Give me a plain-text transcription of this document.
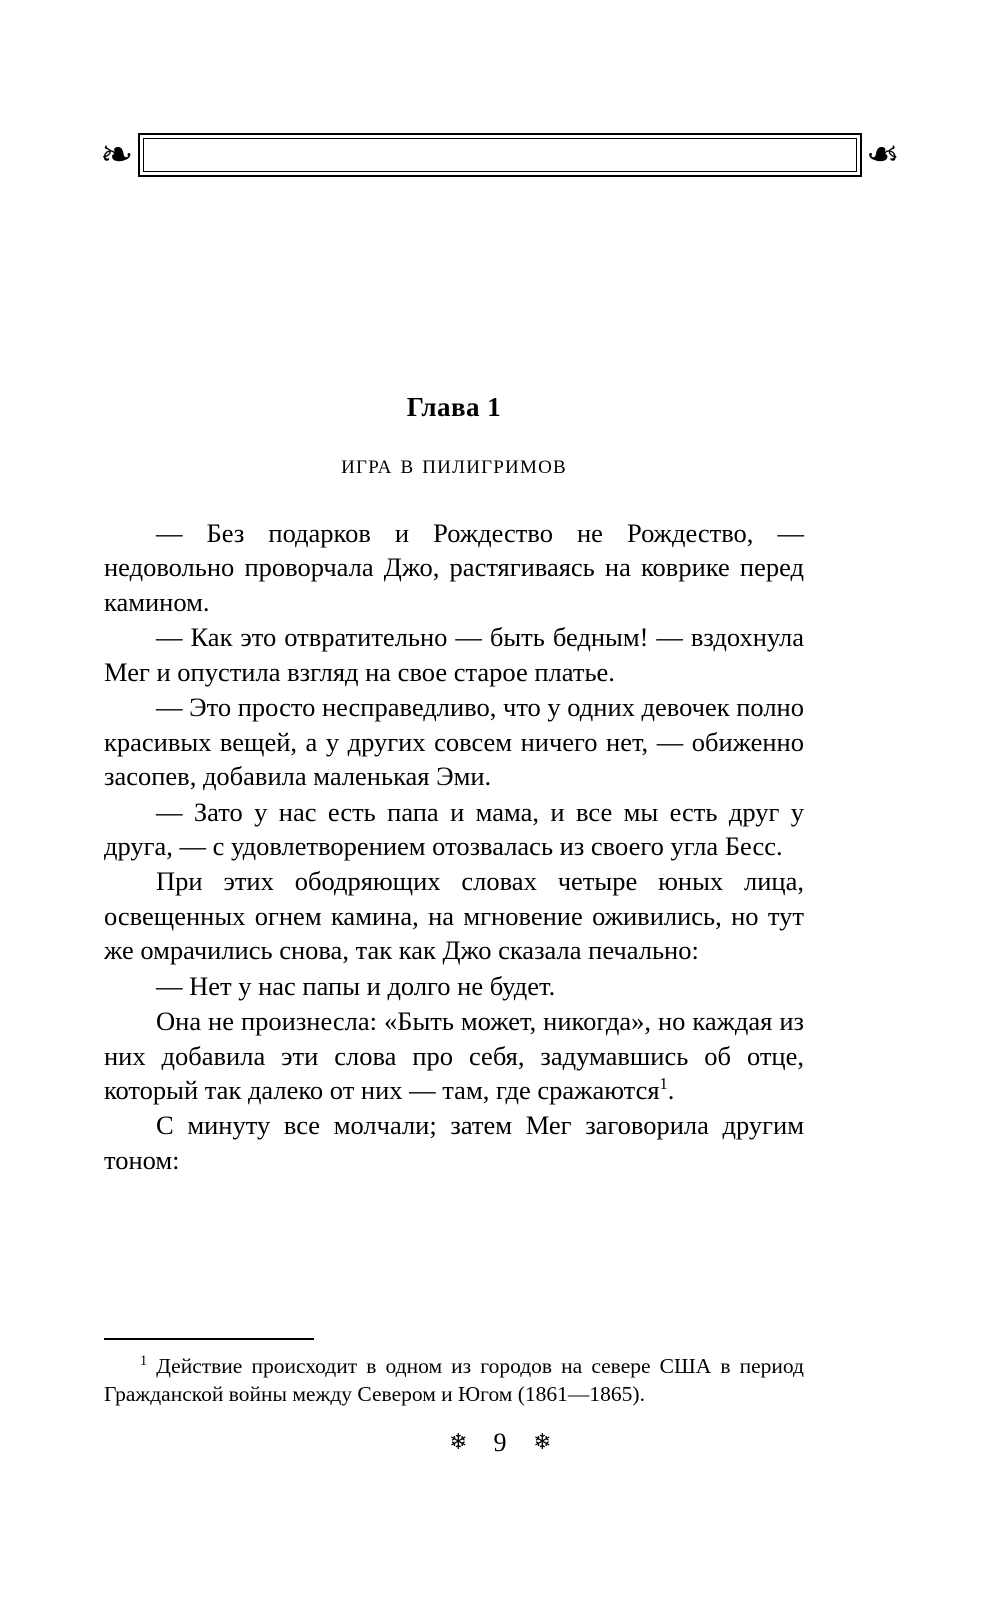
❧	❧
Глава 1
игра в пилигримов

— Без подарков и Рождество не Рождество, — недовольно проворчала Джо, растягиваясь на коврике перед камином.

— Как это отвратительно — быть бедным! — вздохнула Мег и опустила взгляд на свое старое платье.

— Это просто несправедливо, что у одних девочек полно красивых вещей, а у других совсем ничего нет, — обиженно засопев, добавила маленькая Эми.

— Зато у нас есть папа и мама, и все мы есть друг у друга, — с удовлетворением отозвалась из своего угла Бесс.

При этих ободряющих словах четыре юных лица, освещенных огнем камина, на мгновение оживились, но тут же омрачились снова, так как Джо сказала печально:

— Нет у нас папы и долго не будет.

Она не произнесла: «Быть может, никогда», но каждая из них добавила эти слова про себя, задумавшись об отце, который так далеко от них — там, где сражаются$^1$.

С минуту все молчали; затем Мег заговорила другим тоном:

$^1$ Действие происходит в одном из городов на севере США в период Гражданской войны между Севером и Югом (1861—1865).

❄ 9 ❄
